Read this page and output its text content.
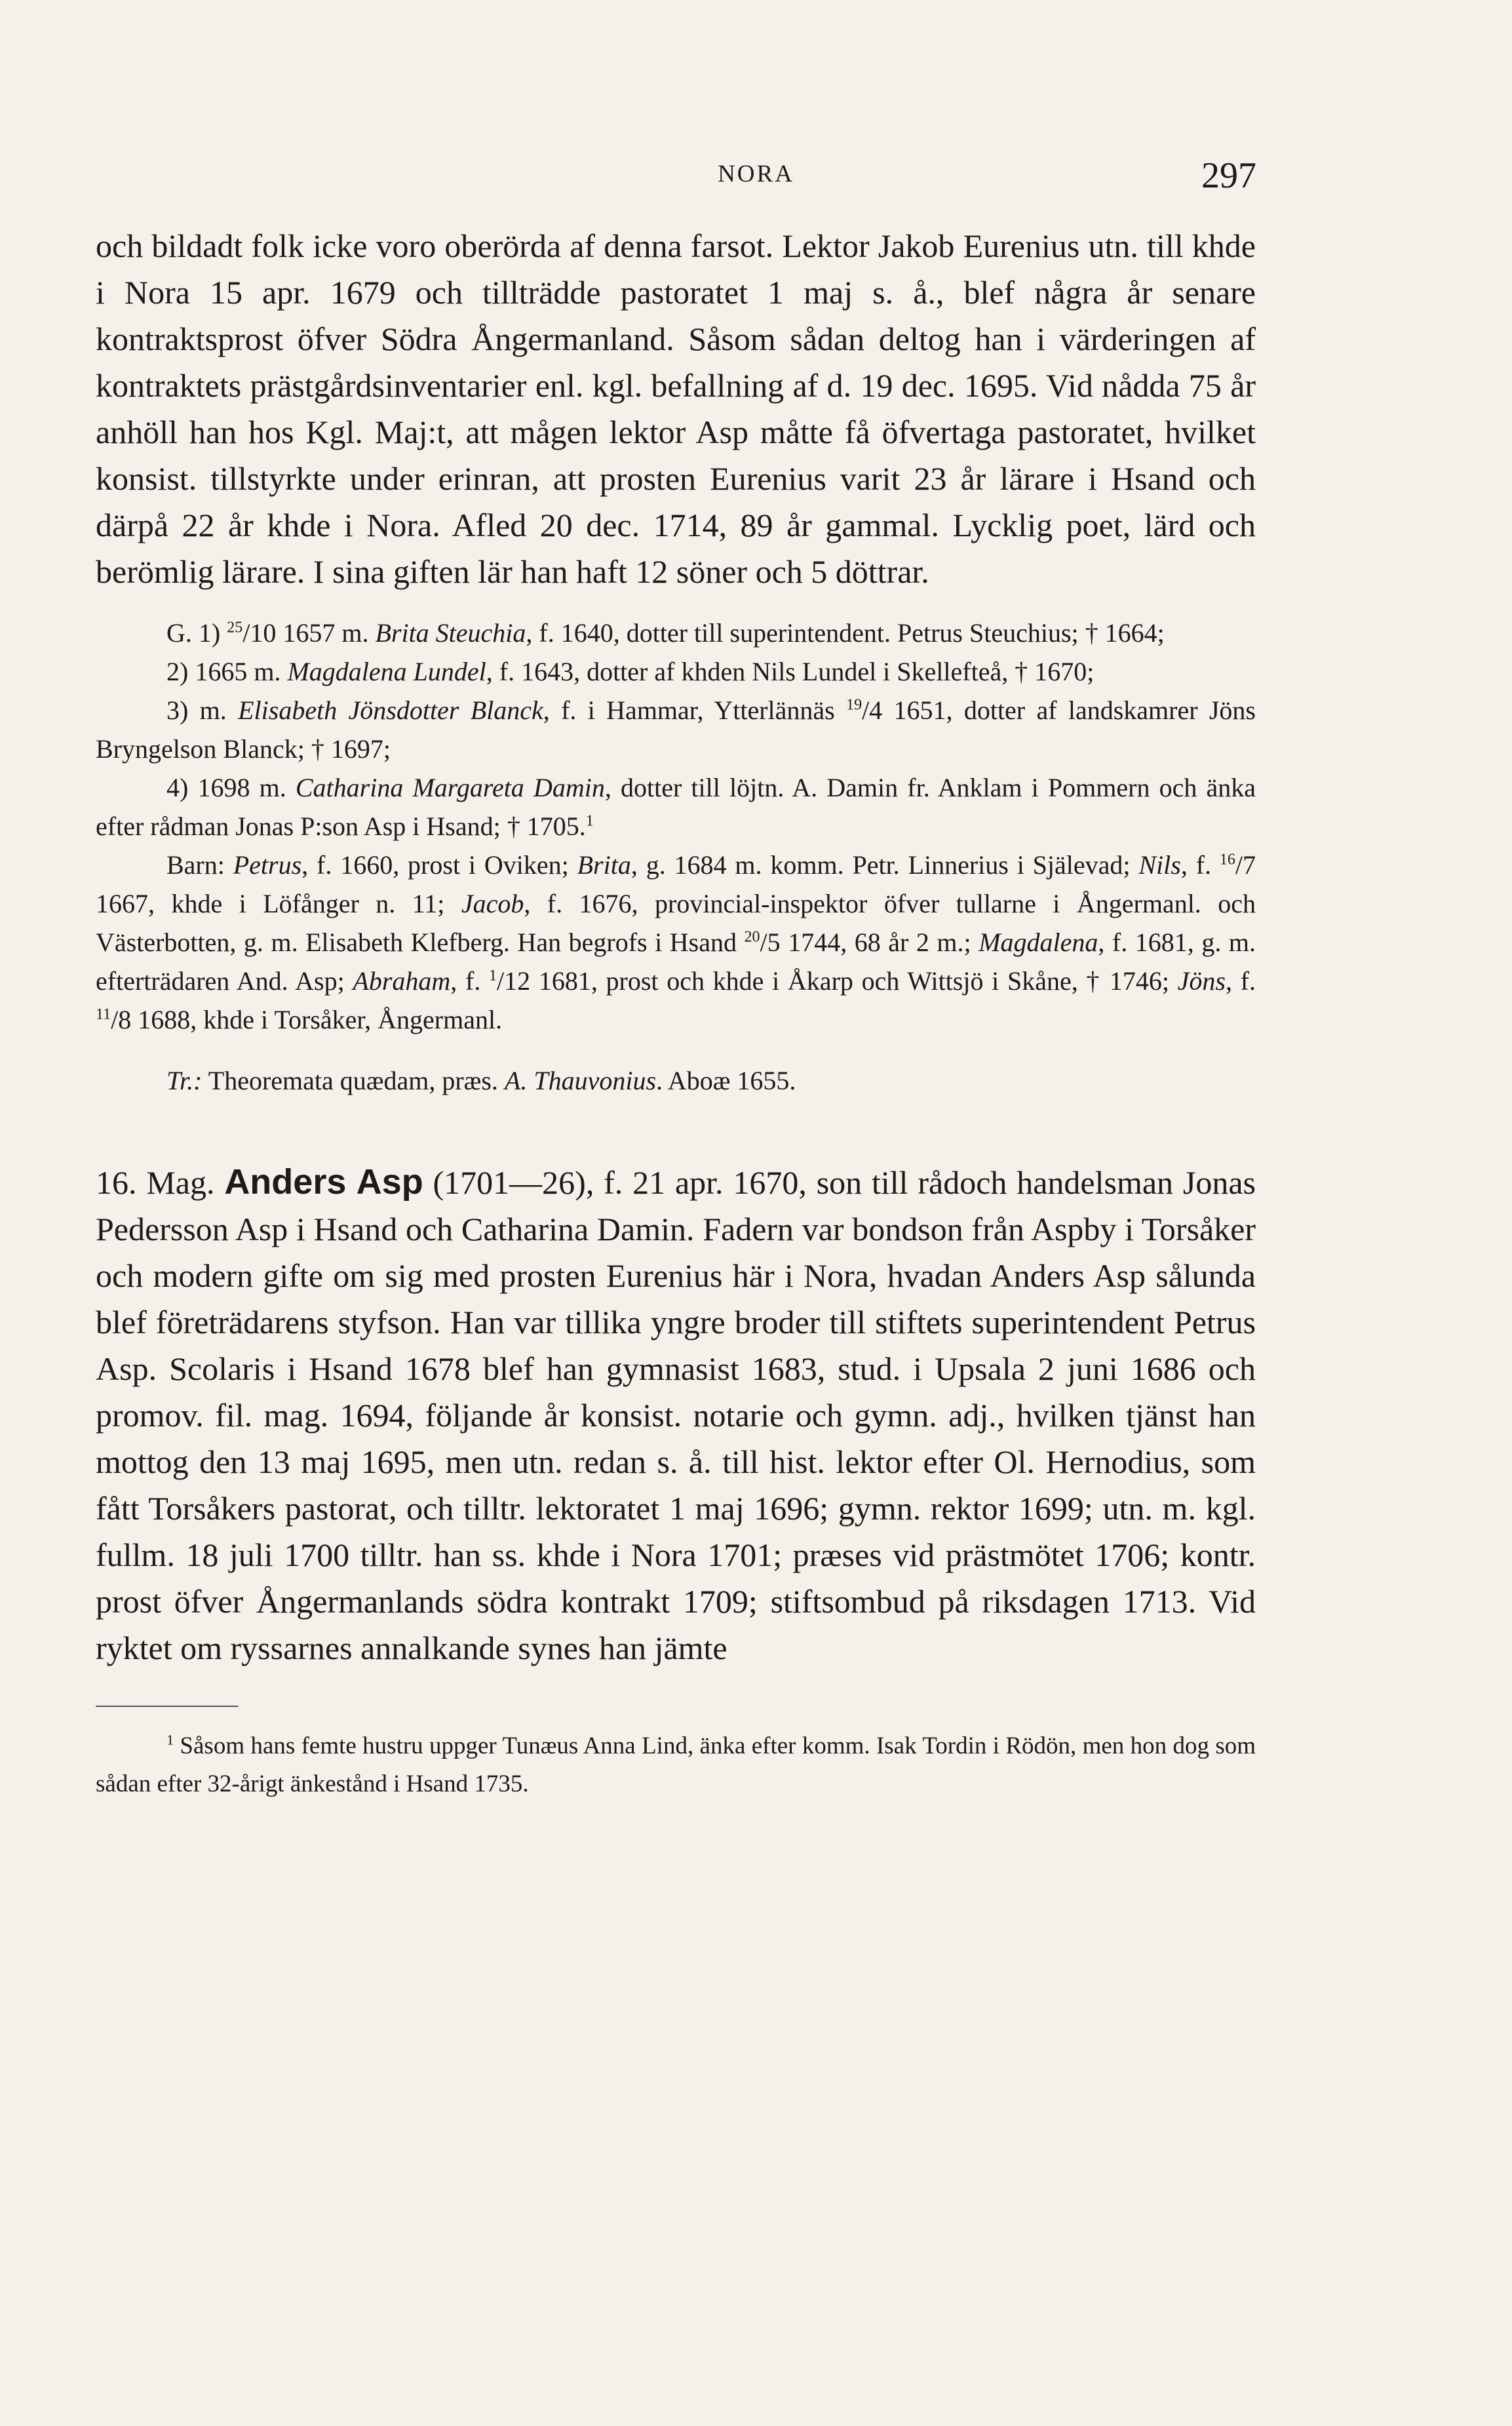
NORA	297

och bildadt folk icke voro oberörda af denna farsot. Lektor Jakob Eurenius utn. till khde i Nora 15 apr. 1679 och tillträdde pastoratet 1 maj s. å., blef några år senare kontraktsprost öfver Södra Ångermanland. Såsom sådan deltog han i värderingen af kontraktets prästgårdsinventarier enl. kgl. befallning af d. 19 dec. 1695. Vid nådda 75 år anhöll han hos Kgl. Maj:t, att mågen lektor Asp måtte få öfvertaga pastoratet, hvilket konsist. tillstyrkte under erinran, att prosten Eurenius varit 23 år lärare i Hsand och därpå 22 år khde i Nora. Afled 20 dec. 1714, 89 år gammal. Lycklig poet, lärd och berömlig lärare. I sina giften lär han haft 12 söner och 5 döttrar.

G. 1) $^{25}$/10 1657 m. Brita Steuchia, f. 1640, dotter till superintendent. Petrus Steuchius; † 1664;

2) 1665 m. Magdalena Lundel, f. 1643, dotter af khden Nils Lundel i Skellefteå, † 1670;

3) m. Elisabeth Jönsdotter Blanck, f. i Hammar, Ytterlännäs $^{19}$/4 1651, dotter af landskamrer Jöns Bryngelson Blanck; † 1697;

4) 1698 m. Catharina Margareta Damin, dotter till löjtn. A. Damin fr. Anklam i Pommern och änka efter rådman Jonas P:son Asp i Hsand; † 1705.$^1$

Barn: Petrus, f. 1660, prost i Oviken; Brita, g. 1684 m. komm. Petr. Linnerius i Själevad; Nils, f. $^{16}$/7 1667, khde i Löfånger n. 11; Jacob, f. 1676, provincial-inspektor öfver tullarne i Ångermanl. och Västerbotten, g. m. Elisabeth Klefberg. Han begrofs i Hsand $^{20}$/5 1744, 68 år 2 m.; Magdalena, f. 1681, g. m. efterträdaren And. Asp; Abraham, f. $^1$/12 1681, prost och khde i Åkarp och Wittsjö i Skåne, † 1746; Jöns, f. $^{11}$/8 1688, khde i Torsåker, Ångermanl.

Tr.: Theoremata quædam, præs. A. Thauvonius. Aboæ 1655.

16. Mag. Anders Asp (1701—26), f. 21 apr. 1670, son till rådoch handelsman Jonas Pedersson Asp i Hsand och Catharina Damin. Fadern var bondson från Aspby i Torsåker och modern gifte om sig med prosten Eurenius här i Nora, hvadan Anders Asp sålunda blef företrädarens styfson. Han var tillika yngre broder till stiftets superintendent Petrus Asp. Scolaris i Hsand 1678 blef han gymnasist 1683, stud. i Upsala 2 juni 1686 och promov. fil. mag. 1694, följande år konsist. notarie och gymn. adj., hvilken tjänst han mottog den 13 maj 1695, men utn. redan s. å. till hist. lektor efter Ol. Hernodius, som fått Torsåkers pastorat, och tilltr. lektoratet 1 maj 1696; gymn. rektor 1699; utn. m. kgl. fullm. 18 juli 1700 tilltr. han ss. khde i Nora 1701; præses vid prästmötet 1706; kontr. prost öfver Ångermanlands södra kontrakt 1709; stiftsombud på riksdagen 1713. Vid ryktet om ryssarnes annalkande synes han jämte

$^1$ Såsom hans femte hustru uppger Tunæus Anna Lind, änka efter komm. Isak Tordin i Rödön, men hon dog som sådan efter 32-årigt änkestånd i Hsand 1735.
